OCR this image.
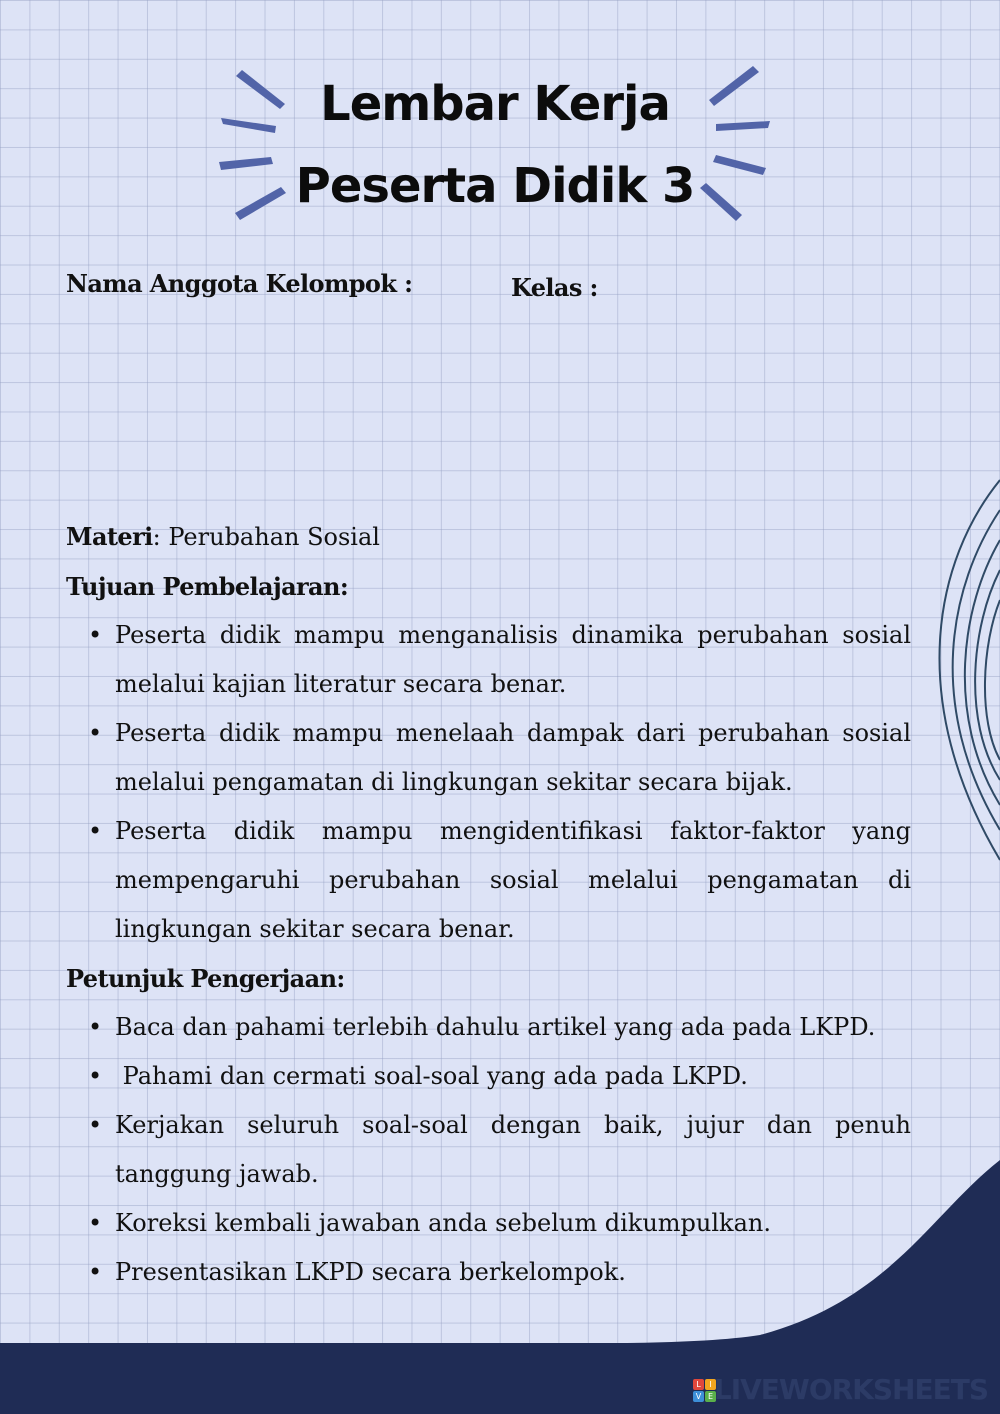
Lembar Kerja
Peserta Didik 3
Nama Anggota Kelompok :	Kelas :

Materi: Perubahan Sosial

Tujuan Pembelajaran:

• Peserta didik mampu menganalisis dinamika perubahan sosial melalui kajian literatur secara benar.
• Peserta didik mampu menelaah dampak dari perubahan sosial melalui pengamatan di lingkungan sekitar secara bijak.
• Peserta didik mampu mengidentifikasi faktor-faktor yang mempengaruhi perubahan sosial melalui pengamatan di lingkungan sekitar secara benar.

Petunjuk Pengerjaan:

• Baca dan pahami terlebih dahulu artikel yang ada pada LKPD.
•  Pahami dan cermati soal-soal yang ada pada LKPD.
• Kerjakan seluruh soal-soal dengan baik, jujur dan penuh tanggung jawab.
• Koreksi kembali jawaban anda sebelum dikumpulkan.
• Presentasikan LKPD secara berkelompok.
L	I
V E LIVEWORKSHEETS
